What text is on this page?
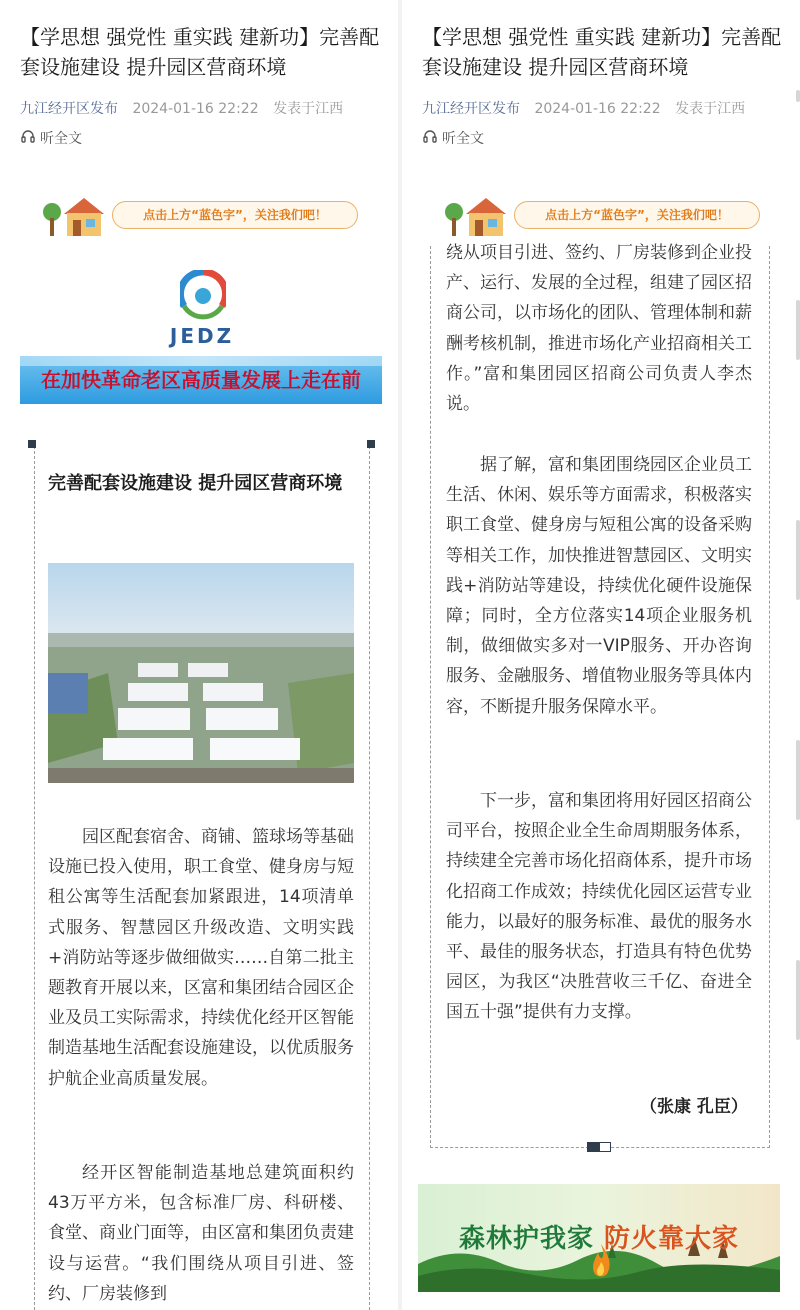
【学思想 强党性 重实践 建新功】完善配套设施建设 提升园区营商环境
九江经开区发布 2024-01-16 22:22 发表于江西
听全文
点击上方“蓝色字”，关注我们吧！
JEDZ
在加快革命老区高质量发展上走在前
完善配套设施建设 提升园区营商环境
园区配套宿舍、商铺、篮球场等基础设施已投入使用，职工食堂、健身房与短租公寓等生活配套加紧跟进，14项清单式服务、智慧园区升级改造、文明实践+消防站等逐步做细做实……自第二批主题教育开展以来，区富和集团结合园区企业及员工实际需求，持续优化经开区智能制造基地生活配套设施建设，以优质服务护航企业高质量发展。
经开区智能制造基地总建筑面积约43万平方米，包含标准厂房、科研楼、食堂、商业门面等，由区富和集团负责建设与运营。“我们围绕从项目引进、签约、厂房装修到
【学思想 强党性 重实践 建新功】完善配套设施建设 提升园区营商环境
九江经开区发布 2024-01-16 22:22 发表于江西
听全文
点击上方“蓝色字”，关注我们吧！
绕从项目引进、签约、厂房装修到企业投产、运行、发展的全过程，组建了园区招商公司，以市场化的团队、管理体制和薪酬考核机制，推进市场化产业招商相关工作。”富和集团园区招商公司负责人李杰说。
据了解，富和集团围绕园区企业员工生活、休闲、娱乐等方面需求，积极落实职工食堂、健身房与短租公寓的设备采购等相关工作，加快推进智慧园区、文明实践+消防站等建设，持续优化硬件设施保障；同时，全方位落实14项企业服务机制，做细做实多对一VIP服务、开办咨询服务、金融服务、增值物业服务等具体内容，不断提升服务保障水平。
下一步，富和集团将用好园区招商公司平台，按照企业全生命周期服务体系，持续建全完善市场化招商体系，提升市场化招商工作成效；持续优化园区运营专业能力，以最好的服务标准、最优的服务水平、最佳的服务状态，打造具有特色优势园区，为我区“决胜营收三千亿、奋进全国五十强”提供有力支撑。
（张康 孔臣）
森林护我家 防火靠大家
